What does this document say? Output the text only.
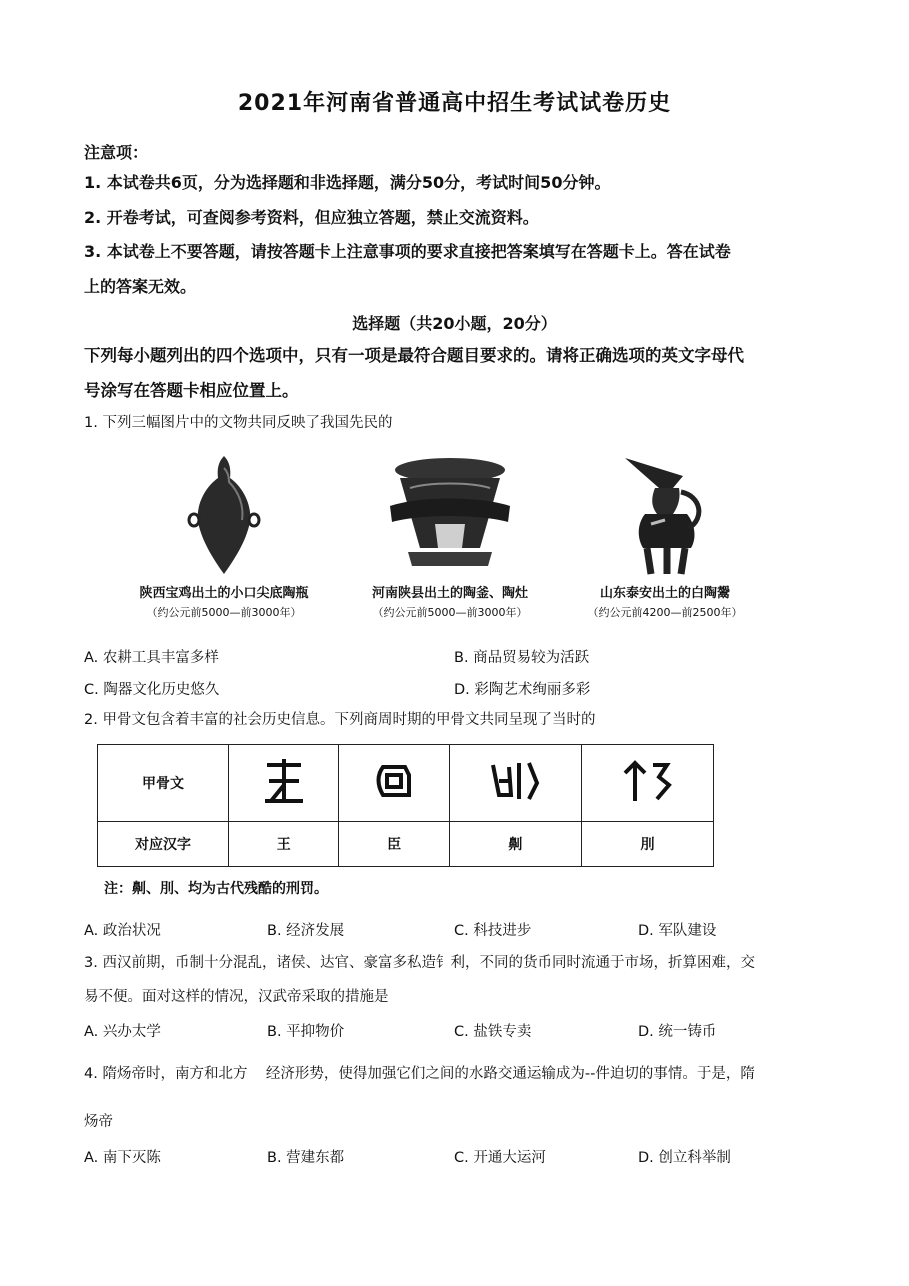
2021年河南省普通高中招生考试试卷历史
注意项：
1. 本试卷共6页，分为选择题和非选择题，满分50分，考试时间50分钟。
2. 开卷考试，可查阅参考资料，但应独立答题，禁止交流资料。
3. 本试卷上不要答题，请按答题卡上注意事项的要求直接把答案填写在答题卡上。答在试卷
上的答案无效。
选择题（共20小题，20分）
下列每小题列出的四个选项中，只有一项是最符合题目要求的。请将正确选项的英文字母代
号涂写在答题卡相应位置上。
1. 下列三幅图片中的文物共同反映了我国先民的
陕西宝鸡出土的小口尖底陶瓶
（约公元前5000—前3000年）
河南陕县出土的陶釜、陶灶
（约公元前5000—前3000年）
山东泰安出土的白陶鬶
（约公元前4200—前2500年）
A. 农耕工具丰富多样	B. 商品贸易较为活跃
C. 陶器文化历史悠久	D. 彩陶艺术绚丽多彩
2. 甲骨文包含着丰富的社会历史信息。下列商周时期的甲骨文共同呈现了当时的
甲骨文				
对应汉字	王	臣	劓	刖
注：劓、刖、均为古代残酷的刑罚。
A. 政治状况	B. 经济发展	C. 科技进步	D. 军队建设
3. 西汉前期，币制十分混乱，诸侯、达官、豪富多私造钅利，不同的货币同时流通于市场，折算困难，交
易不便。面对这样的情况，汉武帝采取的措施是
A. 兴办太学	B. 平抑物价	C. 盐铁专卖	D. 统一铸币
4. 隋炀帝时，南方和北方    经济形势，使得加强它们之间的水路交通运输成为--件迫切的事情。于是，隋
炀帝
A. 南下灭陈	B. 营建东都	C. 开通大运河	D. 创立科举制
